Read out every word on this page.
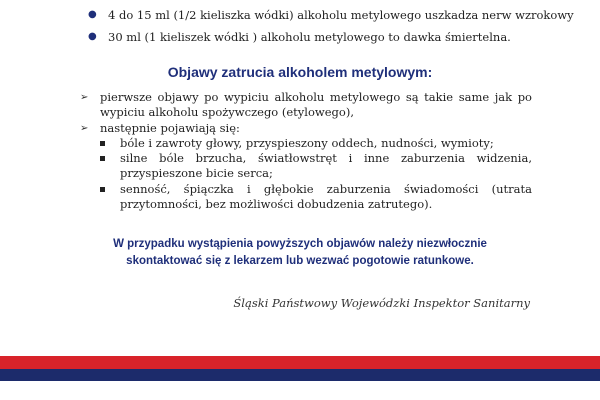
● 4 do 15 ml (1/2 kieliszka wódki) alkoholu metylowego uszkadza nerw wzrokowy
● 30 ml (1 kieliszek wódki ) alkoholu metylowego to dawka śmiertelna.
Objawy zatrucia alkoholem metylowym:
➢ pierwsze objawy po wypiciu alkoholu metylowego są takie same jak po wypiciu alkoholu spożywczego (etylowego),
➢ następnie pojawiają się:
bóle i zawroty głowy, przyspieszony oddech, nudności, wymioty;
silne bóle brzucha, światłowstręt i inne zaburzenia widzenia, przyspieszone bicie serca;
senność, śpiączka i głębokie zaburzenia świadomości (utrata przytomności, bez możliwości dobudzenia zatrutego).
W przypadku wystąpienia powyższych objawów należy niezwłocznie
skontaktować się z lekarzem lub wezwać pogotowie ratunkowe.
Śląski Państwowy Wojewódzki Inspektor Sanitarny
